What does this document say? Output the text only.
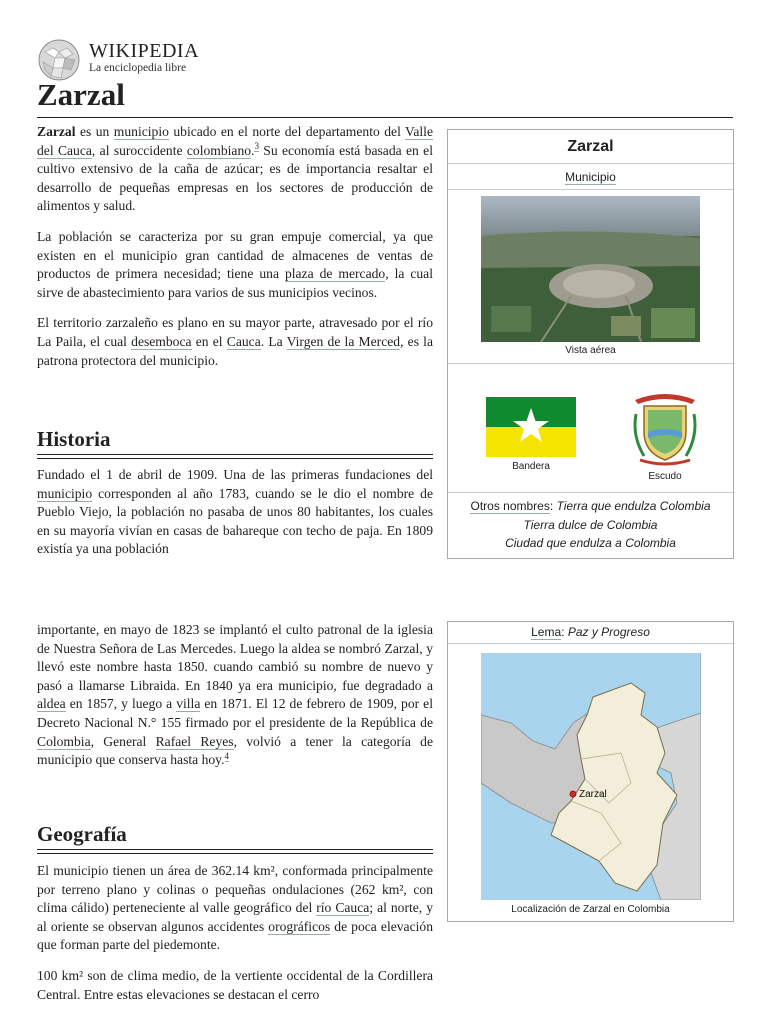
WIKIPEDIA
La enciclopedia libre
Zarzal

Zarzal es un municipio ubicado en el norte del departamento del Valle del Cauca, al suroccidente colombiano.$^3$ Su economía está basada en el cultivo extensivo de la caña de azúcar; es de importancia resaltar el desarrollo de pequeñas empresas en los sectores de producción de alimentos y salud.

La población se caracteriza por su gran empuje comercial, ya que existen en el municipio gran cantidad de almacenes de ventas de productos de primera necesidad; tiene una plaza de mercado, la cual sirve de abastecimiento para varios de sus municipios vecinos.

El territorio zarzaleño es plano en su mayor parte, atravesado por el río La Paila, el cual desemboca en el Cauca. La Virgen de la Merced, es la patrona protectora del municipio.

Historia

Fundado el 1 de abril de 1909. Una de las primeras fundaciones del municipio corresponden al año 1783, cuando se le dio el nombre de Pueblo Viejo, la población no pasaba de unos 80 habitantes, los cuales en su mayoría vivían en casas de bahareque con techo de paja. En 1809 existía ya una población

importante, en mayo de 1823 se implantó el culto patronal de la iglesia de Nuestra Señora de Las Mercedes. Luego la aldea se nombró Zarzal, y llevó este nombre hasta 1850. cuando cambió su nombre de nuevo y pasó a llamarse Libraida. En 1840 ya era municipio, fue degradado a aldea en 1857, y luego a villa en 1871. El 12 de febrero de 1909, por el Decreto Nacional N.° 155 firmado por el presidente de la República de Colombia, General Rafael Reyes, volvió a tener la categoría de municipio que conserva hasta hoy.$^4$

Geografía

El municipio tienen un área de 362.14 km², conformada principalmente por terreno plano y colinas o pequeñas ondulaciones (262 km², con clima cálido) perteneciente al valle geográfico del río Cauca; al norte, y al oriente se observan algunos accidentes orográficos de poca elevación que forman parte del piedemonte.

100 km² son de clima medio, de la vertiente occidental de la Cordillera Central. Entre estas elevaciones se destacan el cerro

Zarzal
Municipio
Vista aérea
Bandera
Escudo
Otros nombres: Tierra que endulza Colombia
Tierra dulce de Colombia
Ciudad que endulza a Colombia
Lema: Paz y Progreso
Zarzal
Localización de Zarzal en Colombia
